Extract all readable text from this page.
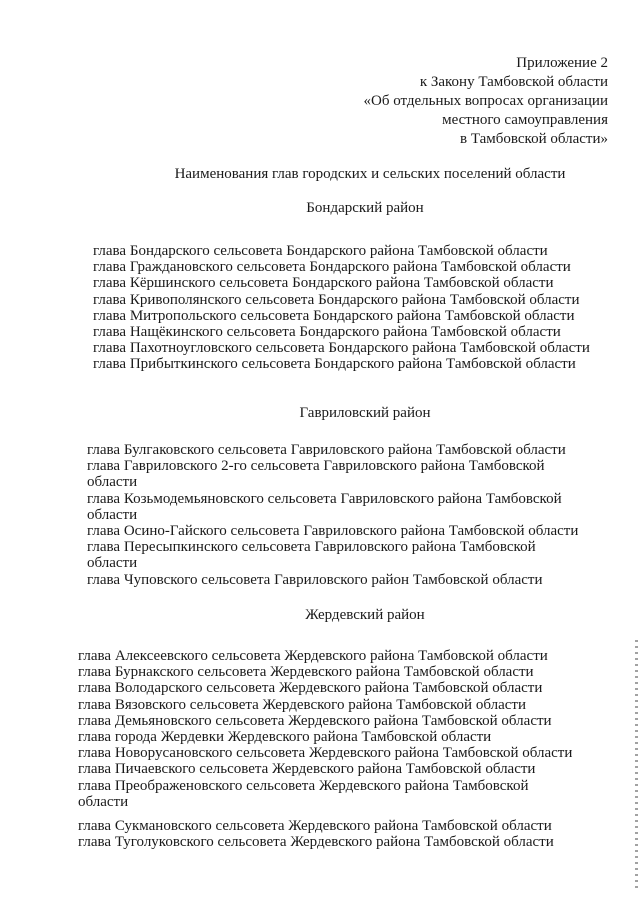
Приложение 2
к Закону Тамбовской области
«Об отдельных вопросах организации
местного самоуправления
в Тамбовской области»
Наименования глав городских и сельских поселений области
Бондарский район
глава Бондарского сельсовета Бондарского района Тамбовской области
глава Граждановского сельсовета Бондарского района Тамбовской области
глава Кёршинского сельсовета Бондарского района Тамбовской области
глава Кривополянского сельсовета Бондарского района Тамбовской области
глава Митропольского сельсовета Бондарского района Тамбовской области
глава Нащёкинского сельсовета Бондарского района Тамбовской области
глава Пахотноугловского сельсовета Бондарского района Тамбовской области
глава Прибыткинского сельсовета Бондарского района Тамбовской области
Гавриловский район
глава Булгаковского сельсовета Гавриловского района Тамбовской области
глава Гавриловского 2-го сельсовета Гавриловского района Тамбовской области
глава Козьмодемьяновского сельсовета Гавриловского района Тамбовской области
глава Осино-Гайского сельсовета Гавриловского района Тамбовской области
глава Пересыпкинского сельсовета Гавриловского района Тамбовской области
глава Чуповского сельсовета Гавриловского район Тамбовской области
Жердевский район
глава Алексеевского сельсовета Жердевского района Тамбовской области
глава Бурнакского сельсовета Жердевского района Тамбовской области
глава Володарского сельсовета Жердевского района Тамбовской области
глава Вязовского сельсовета Жердевского района Тамбовской области
глава Демьяновского сельсовета Жердевского района Тамбовской области
глава города Жердевки Жердевского района Тамбовской области
глава Новорусановского сельсовета Жердевского района Тамбовской области
глава Пичаевского сельсовета Жердевского района Тамбовской области
глава Преображеновского сельсовета Жердевского района Тамбовской области
глава Сукмановского сельсовета Жердевского района Тамбовской области
глава Туголуковского сельсовета Жердевского района Тамбовской области
